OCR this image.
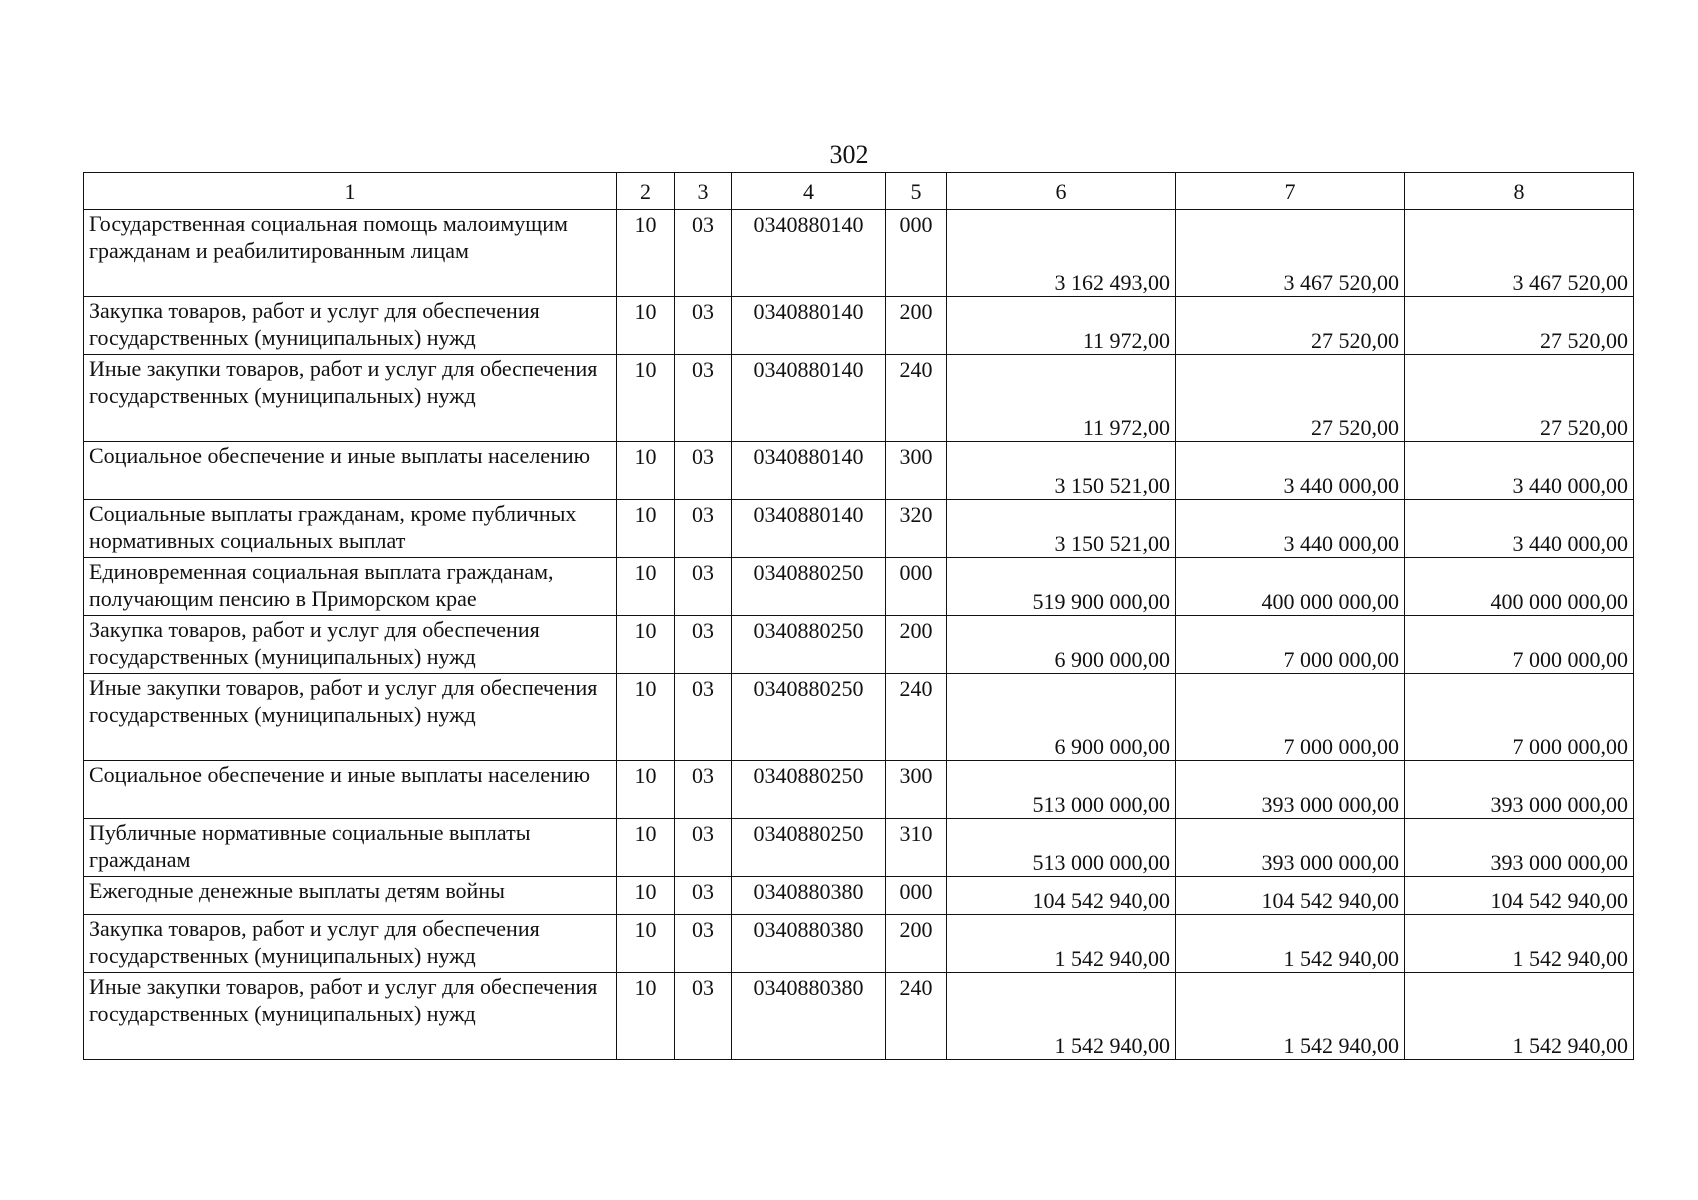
302
1	2	3	4	5	6	7	8
Государственная социальная помощь малоимущим гражданам и реабилитированным лицам	10	03	0340880140	000	3 162 493,00	3 467 520,00	3 467 520,00
Закупка товаров, работ и услуг для обеспечения государственных (муниципальных) нужд	10	03	0340880140	200	11 972,00	27 520,00	27 520,00
Иные закупки товаров, работ и услуг для обеспечения государственных (муниципальных) нужд	10	03	0340880140	240	11 972,00	27 520,00	27 520,00
Социальное обеспечение и иные выплаты населению	10	03	0340880140	300	3 150 521,00	3 440 000,00	3 440 000,00
Социальные выплаты гражданам, кроме публичных нормативных социальных выплат	10	03	0340880140	320	3 150 521,00	3 440 000,00	3 440 000,00
Единовременная социальная выплата гражданам, получающим пенсию в Приморском крае	10	03	0340880250	000	519 900 000,00	400 000 000,00	400 000 000,00
Закупка товаров, работ и услуг для обеспечения государственных (муниципальных) нужд	10	03	0340880250	200	6 900 000,00	7 000 000,00	7 000 000,00
Иные закупки товаров, работ и услуг для обеспечения государственных (муниципальных) нужд	10	03	0340880250	240	6 900 000,00	7 000 000,00	7 000 000,00
Социальное обеспечение и иные выплаты населению	10	03	0340880250	300	513 000 000,00	393 000 000,00	393 000 000,00
Публичные нормативные социальные выплаты гражданам	10	03	0340880250	310	513 000 000,00	393 000 000,00	393 000 000,00
Ежегодные денежные выплаты детям войны	10	03	0340880380	000	104 542 940,00	104 542 940,00	104 542 940,00
Закупка товаров, работ и услуг для обеспечения государственных (муниципальных) нужд	10	03	0340880380	200	1 542 940,00	1 542 940,00	1 542 940,00
Иные закупки товаров, работ и услуг для обеспечения государственных (муниципальных) нужд	10	03	0340880380	240	1 542 940,00	1 542 940,00	1 542 940,00
